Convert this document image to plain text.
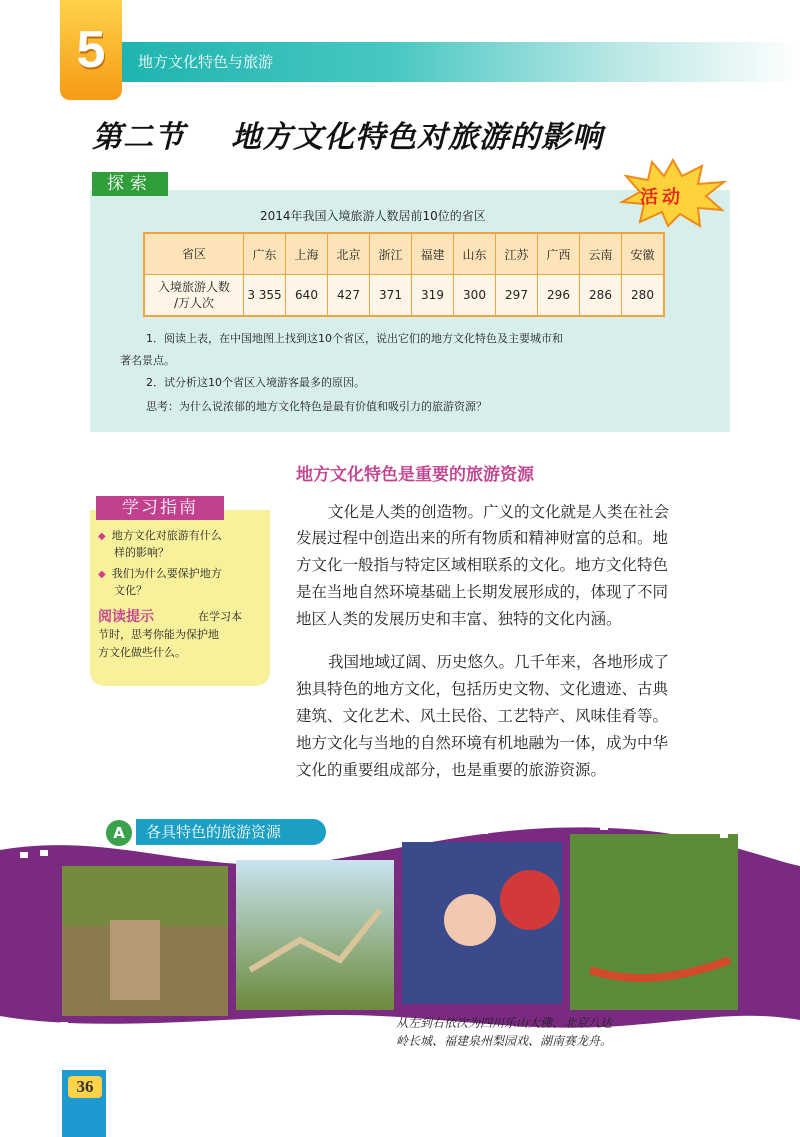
5	地方文化特色与旅游
第二节 地方文化特色对旅游的影响
探索
活动
2014年我国入境旅游人数居前10位的省区
省区	广东	上海	北京	浙江	福建	山东	江苏	广西	云南	安徽
入境旅游人数
/万人次	3 355	640	427	371	319	300	297	296	286	280
1．阅读上表，在中国地图上找到这10个省区，说出它们的地方文化特色及主要城市和
著名景点。
2．试分析这10个省区入境游客最多的原因。
思考：为什么说浓郁的地方文化特色是最有价值和吸引力的旅游资源？
学习指南
◆ 地方文化对旅游有什么
样的影响？
◆ 我们为什么要保护地方
文化？
阅读提示	在学习本
节时，思考你能为保护地
方文化做些什么。
地方文化特色是重要的旅游资源
文化是人类的创造物。广义的文化就是人类在社会
发展过程中创造出来的所有物质和精神财富的总和。地
方文化一般指与特定区域相联系的文化。地方文化特色
是在当地自然环境基础上长期发展形成的，体现了不同
地区人类的发展历史和丰富、独特的文化内涵。
我国地域辽阔、历史悠久。几千年来，各地形成了
独具特色的地方文化，包括历史文物、文化遗迹、古典
建筑、文化艺术、风土民俗、工艺特产、风味佳肴等。
地方文化与当地的自然环境有机地融为一体，成为中华
文化的重要组成部分，也是重要的旅游资源。
各具特色的旅游资源
A
从左到右依次为四川乐山大佛、北京八达
岭长城、福建泉州梨园戏、湖南赛龙舟。
36
